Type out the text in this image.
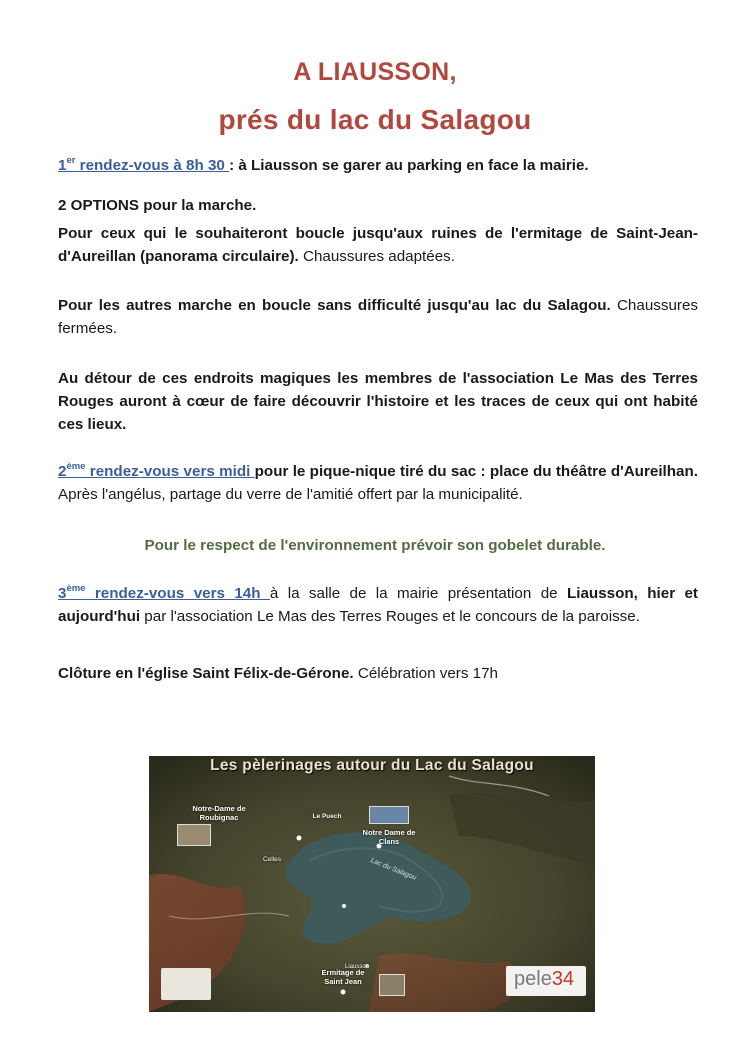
A LIAUSSON,
prés du lac du Salagou
1er rendez-vous à 8h 30 : à Liausson se garer au parking en face la mairie.
2 OPTIONS pour la marche.
Pour ceux qui le souhaiteront boucle jusqu'aux ruines de l'ermitage de Saint-Jean-d'Aureillan (panorama circulaire). Chaussures adaptées.
Pour les autres marche en boucle sans difficulté jusqu'au lac du Salagou. Chaussures fermées.
Au détour de ces endroits magiques les membres de l'association Le Mas des Terres Rouges auront à cœur de faire découvrir l'histoire et les traces de ceux qui ont habité ces lieux.
2ème rendez-vous vers midi pour le pique-nique tiré du sac : place du théâtre d'Aureilhan. Après l'angélus, partage du verre de l'amitié offert par la municipalité.
Pour le respect de l'environnement prévoir son gobelet durable.
3ème rendez-vous vers 14h à la salle de la mairie présentation de Liausson, hier et aujourd'hui par l'association Le Mas des Terres Rouges et le concours de la paroisse.
Clôture en l'église Saint Félix-de-Gérone. Célébration vers 17h
Les pèlerinages autour du Lac du Salagou
Notre-Dame de Roubignac	Le Puech
Notre Dame de Clans
Celles	Lac du Salagou
Ermitage de Saint Jean
Liausson
pele34
